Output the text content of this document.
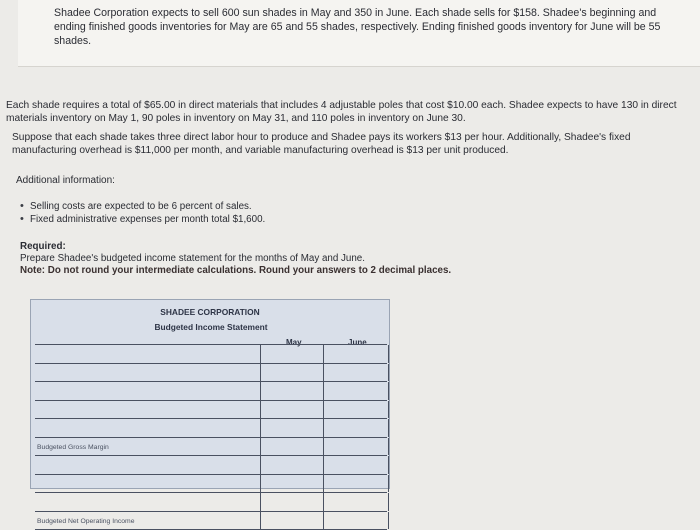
Shadee Corporation expects to sell 600 sun shades in May and 350 in June. Each shade sells for $158. Shadee's beginning and ending finished goods inventories for May are 65 and 55 shades, respectively. Ending finished goods inventory for June will be 55 shades.

Each shade requires a total of $65.00 in direct materials that includes 4 adjustable poles that cost $10.00 each. Shadee expects to have 130 in direct materials inventory on May 1, 90 poles in inventory on May 31, and 110 poles in inventory on June 30.

Suppose that each shade takes three direct labor hour to produce and Shadee pays its workers $13 per hour. Additionally, Shadee's fixed manufacturing overhead is $11,000 per month, and variable manufacturing overhead is $13 per unit produced.

Additional information:

• Selling costs are expected to be 6 percent of sales.
• Fixed administrative expenses per month total $1,600.
Required:
Prepare Shadee's budgeted income statement for the months of May and June.
Note: Do not round your intermediate calculations. Round your answers to 2 decimal places.
SHADEE CORPORATION
Budgeted Income Statement
May	June
Budgeted Gross Margin
Budgeted Net Operating Income
